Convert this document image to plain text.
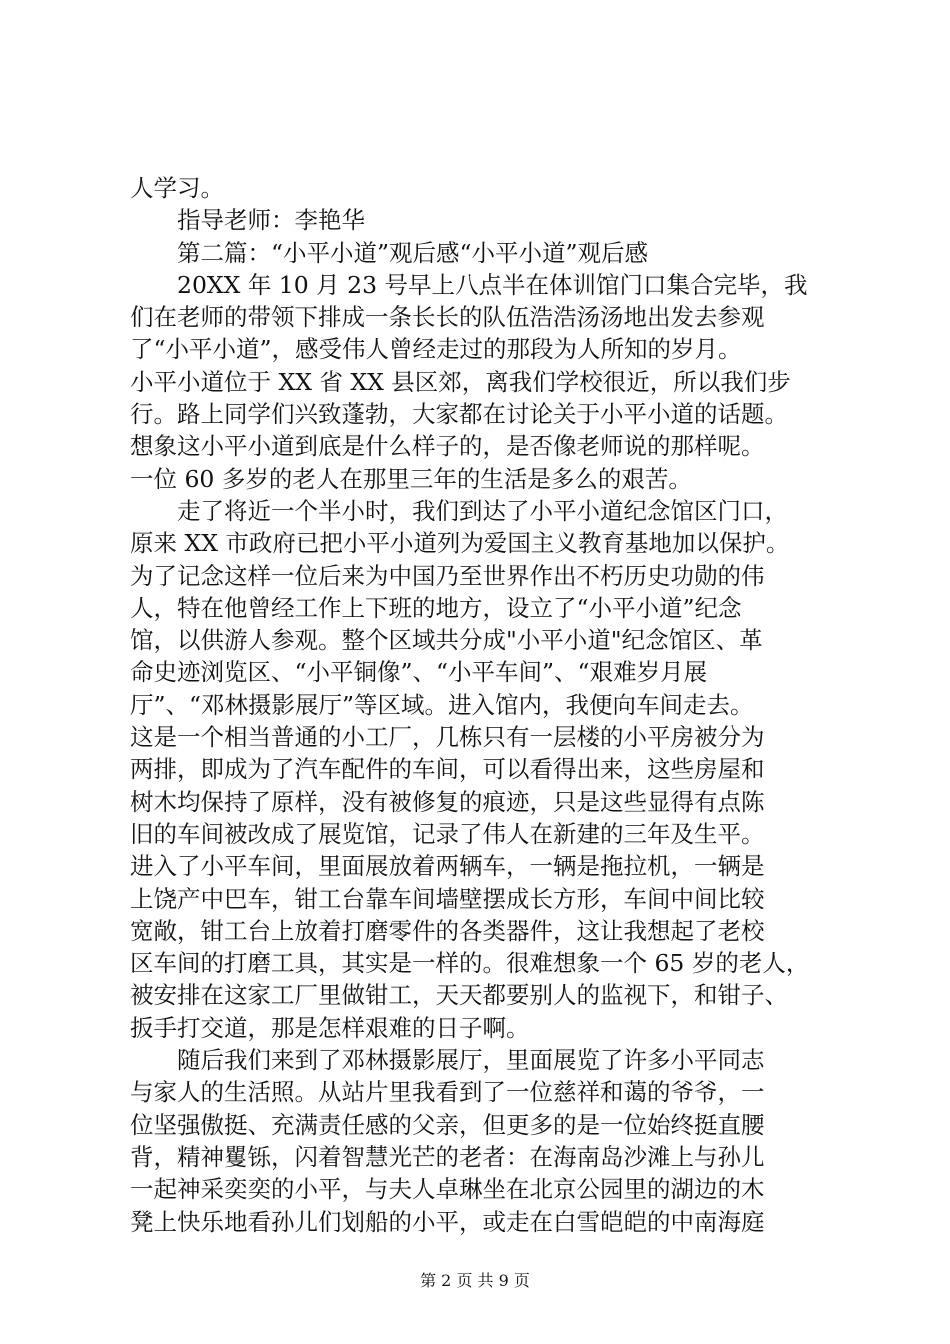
人学习。
指导老师：李艳华
第二篇：“小平小道”观后感“小平小道”观后感
20XX 年 10 月 23 号早上八点半在体训馆门口集合完毕，我
们在老师的带领下排成一条长长的队伍浩浩汤汤地出发去参观
了“小平小道”，感受伟人曾经走过的那段为人所知的岁月。
小平小道位于 XX 省 XX 县区郊，离我们学校很近，所以我们步
行。路上同学们兴致蓬勃，大家都在讨论关于小平小道的话题。
想象这小平小道到底是什么样子的，是否像老师说的那样呢。
一位 60 多岁的老人在那里三年的生活是多么的艰苦。
走了将近一个半小时，我们到达了小平小道纪念馆区门口，
原来 XX 市政府已把小平小道列为爱国主义教育基地加以保护。
为了记念这样一位后来为中国乃至世界作出不朽历史功勋的伟
人，特在他曾经工作上下班的地方，设立了“小平小道”纪念
馆，以供游人参观。整个区域共分成"小平小道"纪念馆区、革
命史迹浏览区、“小平铜像”、“小平车间”、“艰难岁月展
厅”、“邓林摄影展厅”等区域。进入馆内，我便向车间走去。
这是一个相当普通的小工厂，几栋只有一层楼的小平房被分为
两排，即成为了汽车配件的车间，可以看得出来，这些房屋和
树木均保持了原样，没有被修复的痕迹，只是这些显得有点陈
旧的车间被改成了展览馆，记录了伟人在新建的三年及生平。
进入了小平车间，里面展放着两辆车，一辆是拖拉机，一辆是
上饶产中巴车，钳工台靠车间墙壁摆成长方形，车间中间比较
宽敞，钳工台上放着打磨零件的各类器件，这让我想起了老校
区车间的打磨工具，其实是一样的。很难想象一个 65 岁的老人，
被安排在这家工厂里做钳工，天天都要别人的监视下，和钳子、
扳手打交道，那是怎样艰难的日子啊。
随后我们来到了邓林摄影展厅，里面展览了许多小平同志
与家人的生活照。从站片里我看到了一位慈祥和蔼的爷爷，一
位坚强傲挺、充满责任感的父亲，但更多的是一位始终挺直腰
背，精神矍铄，闪着智慧光芒的老者：在海南岛沙滩上与孙儿
一起神采奕奕的小平，与夫人卓琳坐在北京公园里的湖边的木
凳上快乐地看孙儿们划船的小平，或走在白雪皑皑的中南海庭
第 2 页 共 9 页
